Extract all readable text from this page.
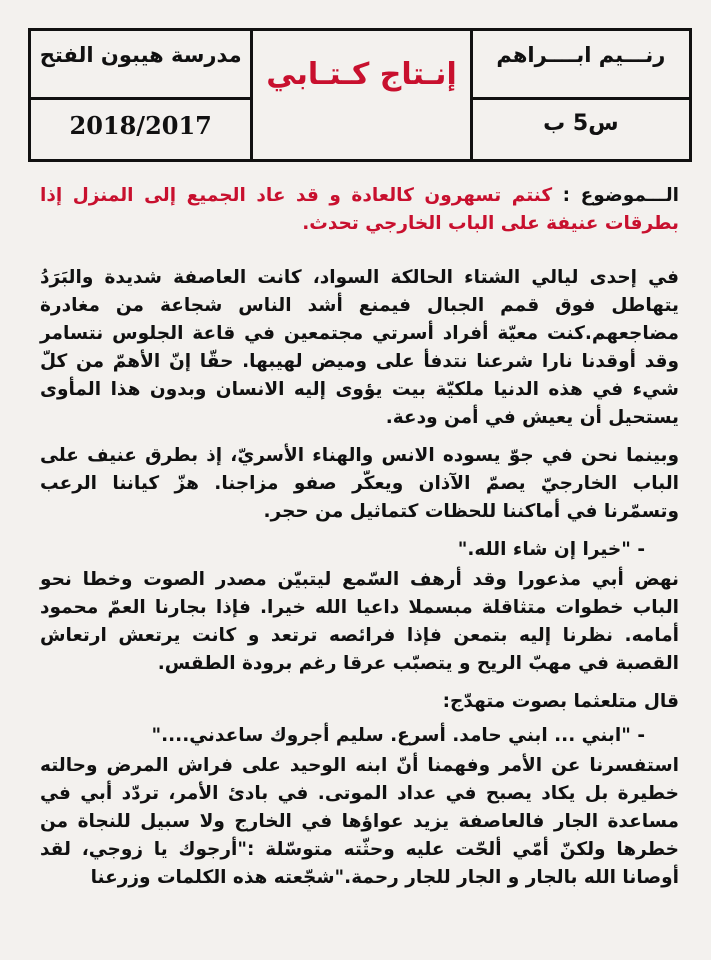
رنـــيم ابــــراهم
س5 ب
إنـتاج كـتـابي
مدرسة هيبون الفتح
2018/2017
الـــموضوع : كنتم تسهرون كالعادة و قد عاد الجميع إلى المنزل إذا بطرقات عنيفة على الباب الخارجي تحدث.

في إحدى ليالي الشتاء الحالكة السواد، كانت العاصفة شديدة والبَرَدُ يتهاطل فوق قمم الجبال فيمنع أشد الناس شجاعة من مغادرة مضاجعهم.كنت معيّة أفراد أسرتي مجتمعين في قاعة الجلوس نتسامر وقد أوقدنا نارا شرعنا نتدفأ على وميض لهيبها. حقّا إنّ الأهمّ من كلّ شيء في هذه الدنيا ملكيّة بيت يؤوى إليه الانسان وبدون هذا المأوى يستحيل أن يعيش في أمن ودعة.

وبينما نحن في جوّ يسوده الانس والهناء الأسريّ، إذ بطرق عنيف على الباب الخارجيّ يصمّ الآذان ويعكّر صفو مزاجنا. هزّ كياننا الرعب وتسمّرنا في أماكننا للحظات كتماثيل من حجر.

- "خيرا إن شاء الله."

نهض أبي مذعورا وقد أرهف السّمع ليتبيّن مصدر الصوت وخطا نحو الباب خطوات متثاقلة مبسملا داعيا الله خيرا. فإذا بجارنا العمّ محمود أمامه. نظرنا إليه بتمعن فإذا فرائصه ترتعد و كانت يرتعش ارتعاش القصبة في مهبّ الريح و يتصبّب عرقا رغم برودة الطقس.

قال متلعثما بصوت متهدّج:

- "ابني ... ابني حامد. أسرع. سليم أجروك ساعدني...."

استفسرنا عن الأمر وفهمنا أنّ ابنه الوحيد على فراش المرض وحالته خطيرة بل يكاد يصبح في عداد الموتى. في بادئ الأمر، تردّد أبي في مساعدة الجار فالعاصفة يزيد عواؤها في الخارج ولا سبيل للنجاة من خطرها ولكنّ أمّي ألحّت عليه وحثّته متوسّلة :"أرجوك يا زوجي، لقد أوصانا الله بالجار و الجار للجار رحمة."شجّعته هذه الكلمات وزرعنا
